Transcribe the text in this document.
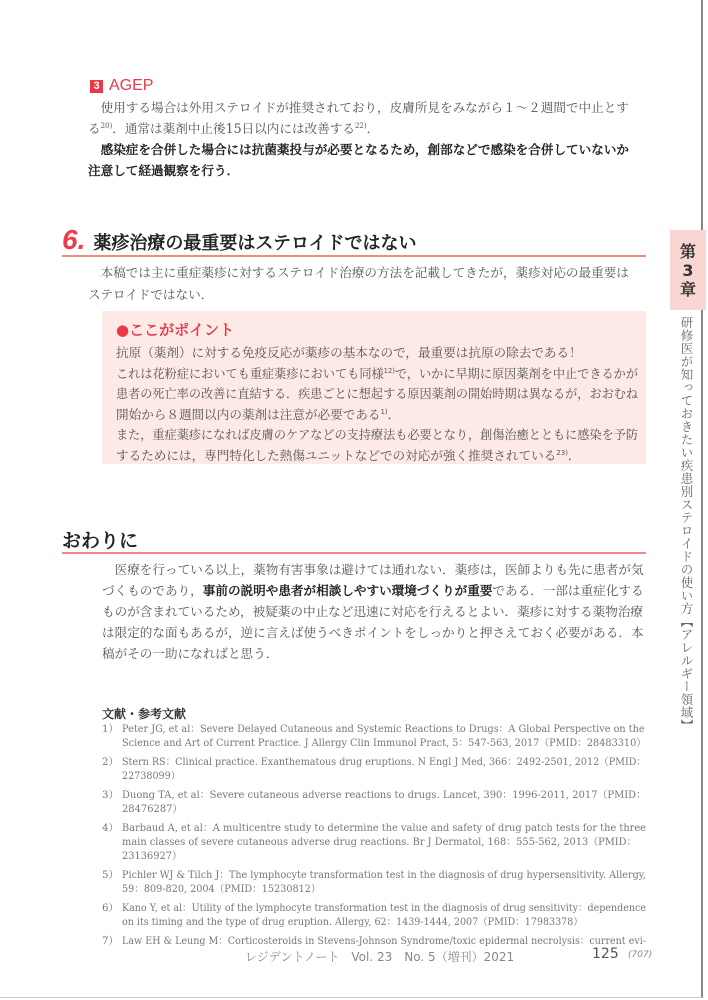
3 AGEP
　使用する場合は外用ステロイドが推奨されており，皮膚所見をみながら１～２週間で中止とす
る$^{20)}$．通常は薬剤中止後15日以内には改善する$^{22)}$．
　感染症を合併した場合には抗菌薬投与が必要となるため，創部などで感染を合併していないか
注意して経過観察を行う．
6. 薬疹治療の最重要はステロイドではない
　本稿では主に重症薬疹に対するステロイド治療の方法を記載してきたが，薬疹対応の最重要は
ステロイドではない．
●ここがポイント
抗原（薬剤）に対する免疫反応が薬疹の基本なので，最重要は抗原の除去である！
これは花粉症においても重症薬疹においても同様$^{12)}$で，いかに早期に原因薬剤を中止できるかが
患者の死亡率の改善に直結する．疾患ごとに想起する原因薬剤の開始時期は異なるが，おおむね
開始から８週間以内の薬剤は注意が必要である$^{1)}$．
また，重症薬疹になれば皮膚のケアなどの支持療法も必要となり，創傷治癒とともに感染を予防
するためには，専門特化した熱傷ユニットなどでの対応が強く推奨されている$^{23)}$．
おわりに
　医療を行っている以上，薬物有害事象は避けては通れない．薬疹は，医師よりも先に患者が気
づくものであり，事前の説明や患者が相談しやすい環境づくりが重要である．一部は重症化する
ものが含まれているため，被疑薬の中止など迅速に対応を行えるとよい．薬疹に対する薬物治療
は限定的な面もあるが，逆に言えば使うべきポイントをしっかりと押さえておく必要がある．本
稿がその一助になればと思う．
文献・参考文献
1） Peter JG, et al：Severe Delayed Cutaneous and Systemic Reactions to Drugs：A Global Perspective on the
Science and Art of Current Practice. J Allergy Clin Immunol Pract, 5：547-563, 2017（PMID：28483310）
2） Stern RS：Clinical practice. Exanthematous drug eruptions. N Engl J Med, 366：2492-2501, 2012（PMID：
22738099）
3） Duong TA, et al：Severe cutaneous adverse reactions to drugs. Lancet, 390：1996-2011, 2017（PMID：
28476287）
4） Barbaud A, et al：A multicentre study to determine the value and safety of drug patch tests for the three
main classes of severe cutaneous adverse drug reactions. Br J Dermatol, 168：555-562, 2013（PMID：
23136927）
5） Pichler WJ & Tilch J：The lymphocyte transformation test in the diagnosis of drug hypersensitivity. Allergy,
59：809-820, 2004（PMID：15230812）
6） Kano Y, et al：Utility of the lymphocyte transformation test in the diagnosis of drug sensitivity：dependence
on its timing and the type of drug eruption. Allergy, 62：1439-1444, 2007（PMID：17983378）
7） Law EH & Leung M：Corticosteroids in Stevens-Johnson Syndrome/toxic epidermal necrolysis：current evi-
第
3
章
研修医が知っておきたい疾患別ステロイドの使い方【アレルギー領域】
レジデントノート　Vol. 23　No. 5（増刊）2021	125 (707)
